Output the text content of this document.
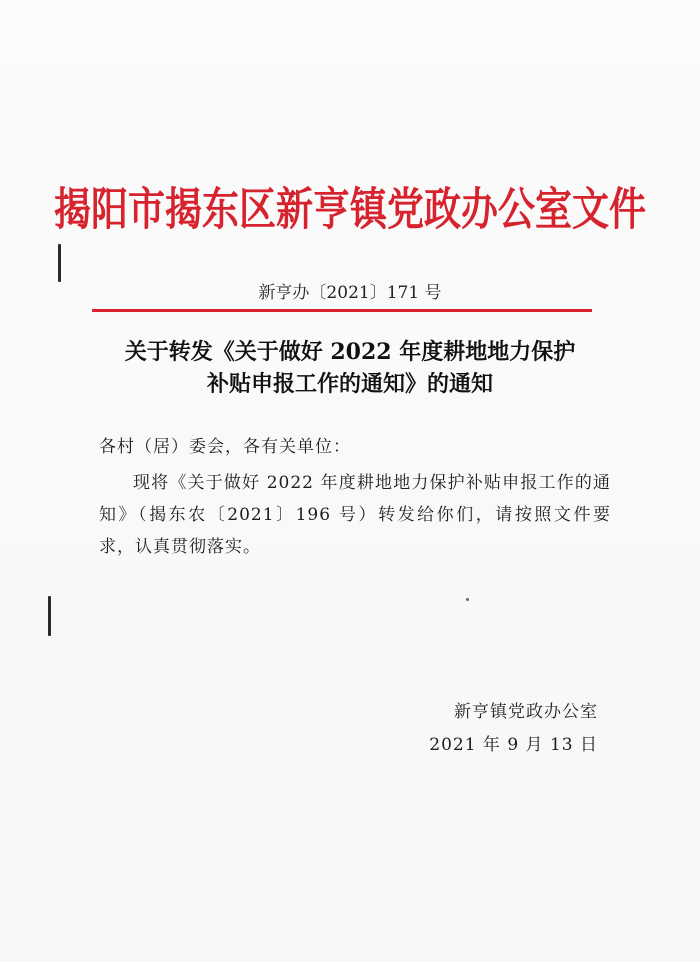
揭阳市揭东区新亨镇党政办公室文件
新亨办〔2021〕171 号
关于转发《关于做好 2022 年度耕地地力保护
补贴申报工作的通知》的通知
各村（居）委会，各有关单位：
现将《关于做好 2022 年度耕地地力保护补贴申报工作的通知》（揭东农〔2021〕196 号）转发给你们，请按照文件要求，认真贯彻落实。
新亨镇党政办公室
2021 年 9 月 13 日
